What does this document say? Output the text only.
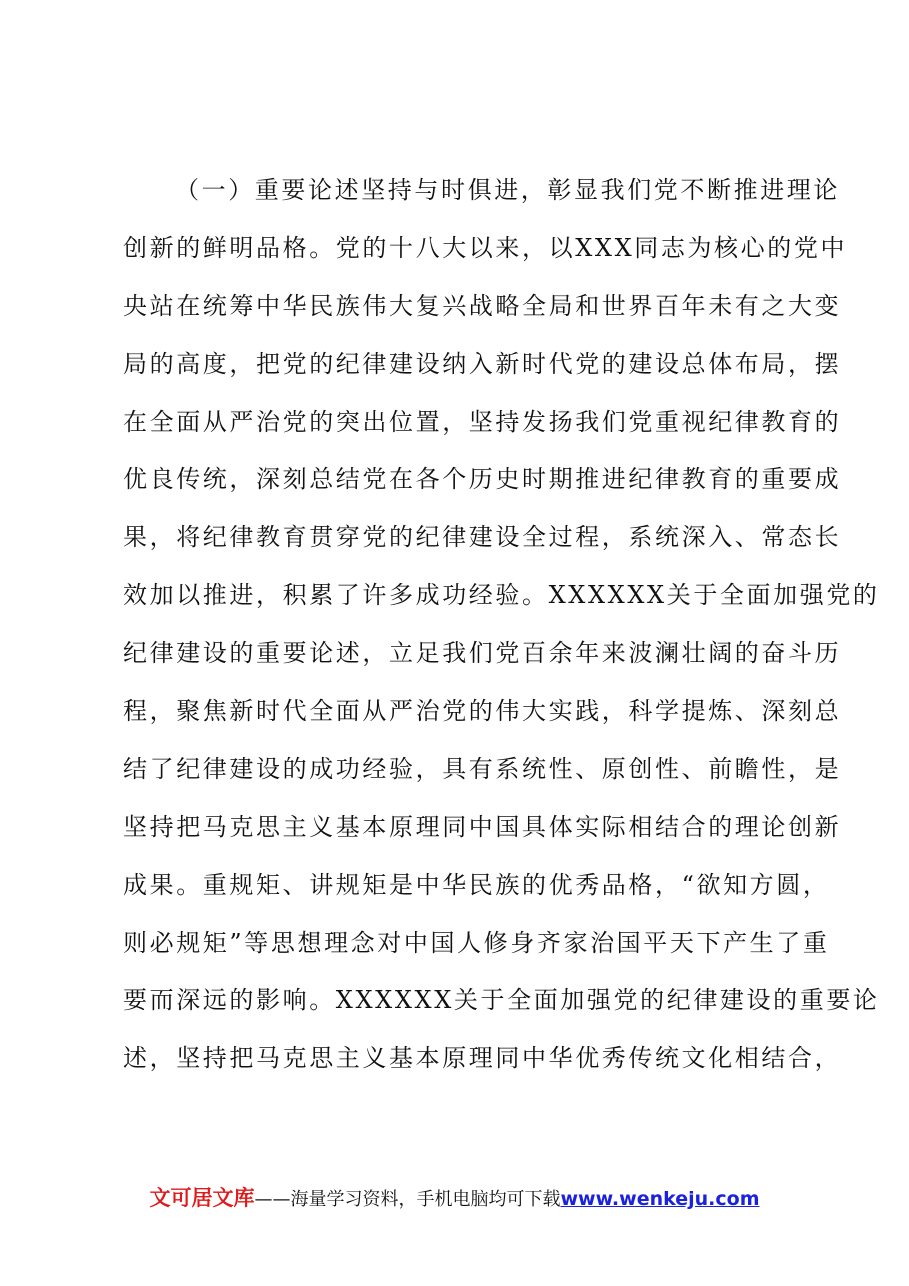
（一）重要论述坚持与时俱进，彰显我们党不断推进理论
创新的鲜明品格。党的十八大以来，以XXX同志为核心的党中
央站在统筹中华民族伟大复兴战略全局和世界百年未有之大变
局的高度，把党的纪律建设纳入新时代党的建设总体布局，摆
在全面从严治党的突出位置，坚持发扬我们党重视纪律教育的
优良传统，深刻总结党在各个历史时期推进纪律教育的重要成
果，将纪律教育贯穿党的纪律建设全过程，系统深入、常态长
效加以推进，积累了许多成功经验。XXXXXX关于全面加强党的
纪律建设的重要论述，立足我们党百余年来波澜壮阔的奋斗历
程，聚焦新时代全面从严治党的伟大实践，科学提炼、深刻总
结了纪律建设的成功经验，具有系统性、原创性、前瞻性，是
坚持把马克思主义基本原理同中国具体实际相结合的理论创新
成果。重规矩、讲规矩是中华民族的优秀品格，“欲知方圆，
则必规矩”等思想理念对中国人修身齐家治国平天下产生了重
要而深远的影响。XXXXXX关于全面加强党的纪律建设的重要论
述，坚持把马克思主义基本原理同中华优秀传统文化相结合，
文可居文库——海量学习资料，手机电脑均可下载www.wenkeju.com
